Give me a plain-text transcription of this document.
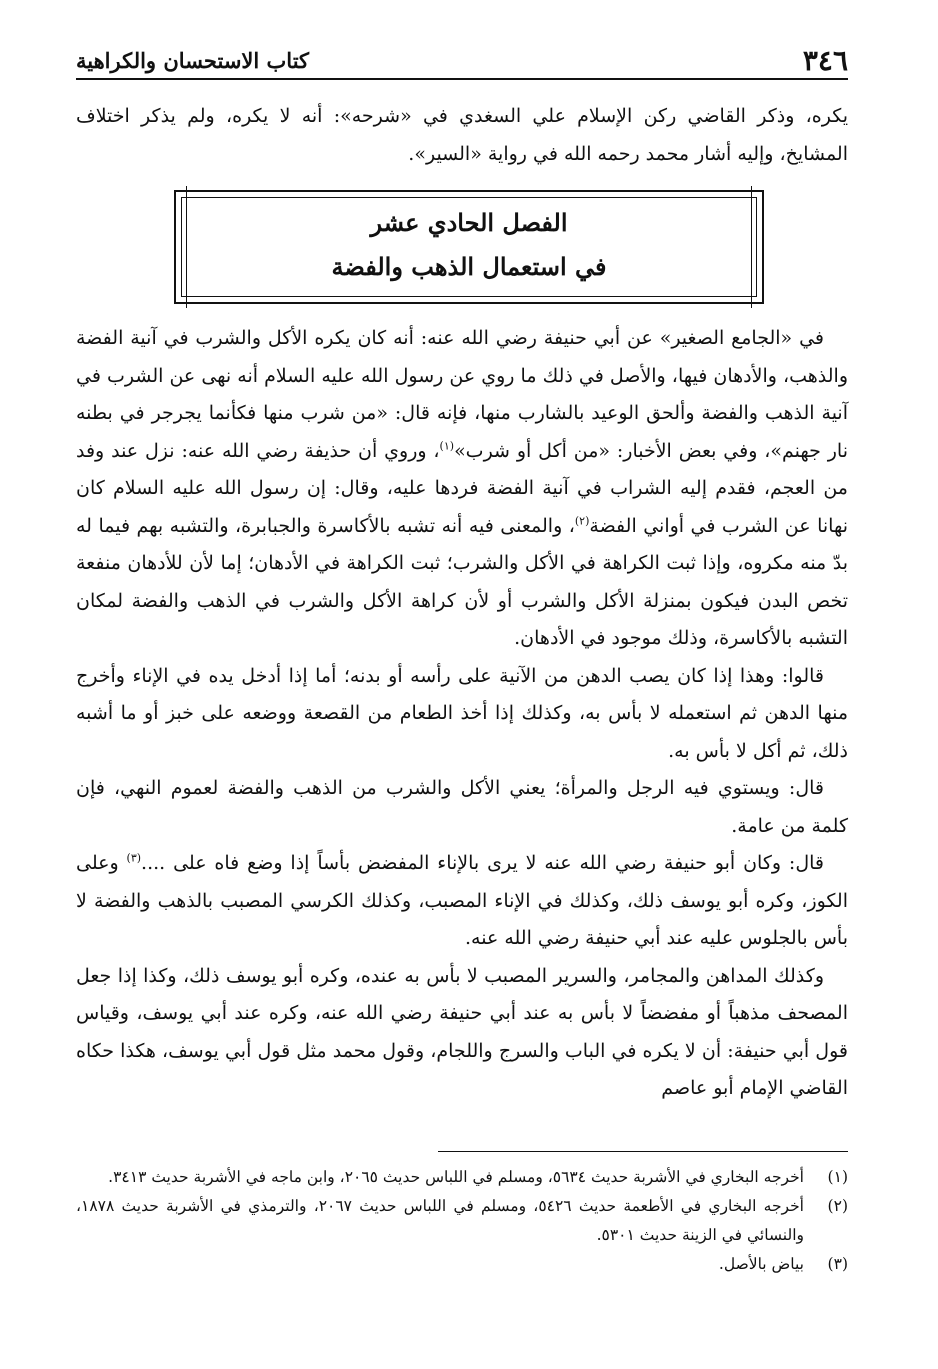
٣٤٦
كتاب الاستحسان والكراهية

يكره، وذكر القاضي ركن الإسلام علي السغدي في «شرحه»: أنه لا يكره، ولم يذكر اختلاف المشايخ، وإليه أشار محمد رحمه الله في رواية «السير».

الفصل الحادي عشر
في استعمال الذهب والفضة

في «الجامع الصغير» عن أبي حنيفة رضي الله عنه: أنه كان يكره الأكل والشرب في آنية الفضة والذهب، والأدهان فيها، والأصل في ذلك ما روي عن رسول الله عليه السلام أنه نهى عن الشرب في آنية الذهب والفضة وألحق الوعيد بالشارب منها، فإنه قال: «من شرب منها فكأنما يجرجر في بطنه نار جهنم»، وفي بعض الأخبار: «من أكل أو شرب»$^{(١)}$، وروي أن حذيفة رضي الله عنه: نزل عند وفد من العجم، فقدم إليه الشراب في آنية الفضة فردها عليه، وقال: إن رسول الله عليه السلام كان نهانا عن الشرب في أواني الفضة$^{(٢)}$، والمعنى فيه أنه تشبه بالأكاسرة والجبابرة، والتشبه بهم فيما له بدّ منه مكروه، وإذا ثبت الكراهة في الأكل والشرب؛ ثبت الكراهة في الأدهان؛ إما لأن للأدهان منفعة تخص البدن فيكون بمنزلة الأكل والشرب أو لأن كراهة الأكل والشرب في الذهب والفضة لمكان التشبه بالأكاسرة، وذلك موجود في الأدهان.

قالوا: وهذا إذا كان يصب الدهن من الآنية على رأسه أو بدنه؛ أما إذا أدخل يده في الإناء وأخرج منها الدهن ثم استعمله لا بأس به، وكذلك إذا أخذ الطعام من القصعة ووضعه على خبز أو ما أشبه ذلك، ثم أكل لا بأس به.

قال: ويستوي فيه الرجل والمرأة؛ يعني الأكل والشرب من الذهب والفضة لعموم النهي، فإن كلمة من عامة.

قال: وكان أبو حنيفة رضي الله عنه لا يرى بالإناء المفضض بأساً إذا وضع فاه على ....$^{(٣)}$ وعلى الكوز، وكره أبو يوسف ذلك، وكذلك في الإناء المصبب، وكذلك الكرسي المصبب بالذهب والفضة لا بأس بالجلوس عليه عند أبي حنيفة رضي الله عنه.

وكذلك المداهن والمجامر، والسرير المصبب لا بأس به عنده، وكره أبو يوسف ذلك، وكذا إذا جعل المصحف مذهباً أو مفضضاً لا بأس به عند أبي حنيفة رضي الله عنه، وكره عند أبي يوسف، وقياس قول أبي حنيفة: أن لا يكره في الباب والسرج واللجام، وقول محمد مثل قول أبي يوسف، هكذا حكاه القاضي الإمام أبو عاصم

(١)
أخرجه البخاري في الأشربة حديث ٥٦٣٤، ومسلم في اللباس حديث ٢٠٦٥، وابن ماجه في الأشربة حديث ٣٤١٣.
(٢)
أخرجه البخاري في الأطعمة حديث ٥٤٢٦، ومسلم في اللباس حديث ٢٠٦٧، والترمذي في الأشربة حديث ١٨٧٨، والنسائي في الزينة حديث ٥٣٠١.
(٣)
بياض بالأصل.
